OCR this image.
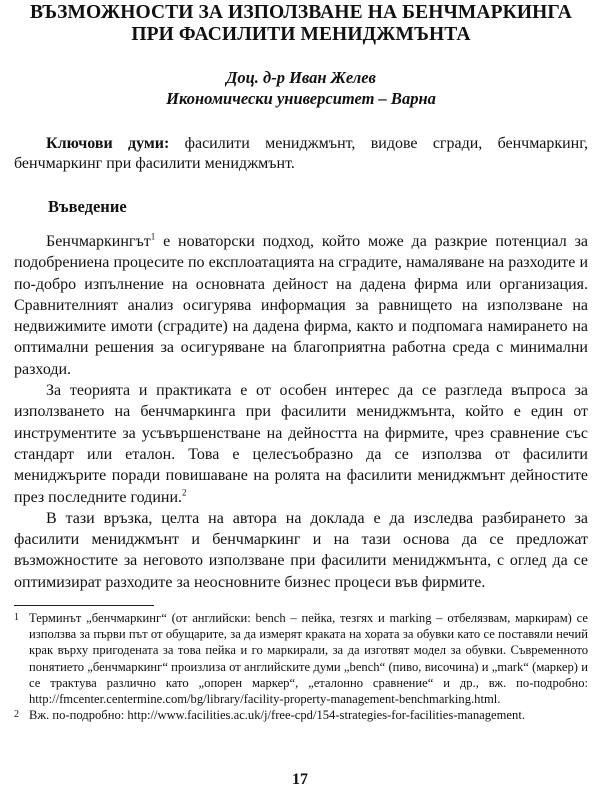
ВЪЗМОЖНОСТИ ЗА ИЗПОЛЗВАНЕ НА БЕНЧМАРКИНГА
ПРИ ФАСИЛИТИ МЕНИДЖМЪНТА

Доц. д-р Иван Желев

Икономически университет – Варна

Ключови думи: фасилити мениджмънт, видове сгради, бенчмаркинг, бенчмаркинг при фасилити мениджмънт.

Въведение

Бенчмаркингът$^1$ е новаторски подход, който може да разкрие потенциал за подобрениена процесите по експлоатацията на сградите, намаляване на разходите и по-добро изпълнение на основната дейност на дадена фирма или организация. Сравнителният анализ осигурява информация за равнището на използване на недвижимите имоти (сградите) на дадена фирма, както и подпомага намирането на оптимални решения за осигуряване на благоприятна работна среда с минимални разходи.

За теорията и практиката е от особен интерес да се разгледа въпроса за използването на бенчмаркинга при фасилити мениджмънта, който е един от инструментите за усъвършенстване на дейността на фирмите, чрез сравнение със стандарт или еталон. Това е целесъобразно да се използва от фасилити мениджърите поради повишаване на ролята на фасилити мениджмънт дейностите през последните години.$^2$

В тази връзка, целта на автора на доклада е да изследва разбирането за фасилити мениджмънт и бенчмаркинг и на тази основа да се предложат възможностите за неговото използване при фасилити мениджмънта, с оглед да се оптимизират разходите за неосновните бизнес процеси във фирмите.

1 Терминът „бенчмаркинг“ (от английски: bench – пейка, тезгях и marking – отбелязвам, маркирам) се използва за първи път от обущарите, за да измерят краката на хората за обувки като се поставяли нечий крак върху пригодената за това пейка и го маркирали, за да изготвят модел за обувки. Съвременното понятието „бенчмаркинг“ произлиза от английските думи „bench“ (пиво, височина) и „mark“ (маркер) и се трактува различно като „опорен маркер“, „еталонно сравнение“ и др., вж. по-подробно: http://fmcenter.centermine.com/bg/library/facility-property-management-benchmarking.html.

2 Вж. по-подробно: http://www.facilities.ac.uk/j/free-cpd/154-strategies-for-facilities-management.

17
